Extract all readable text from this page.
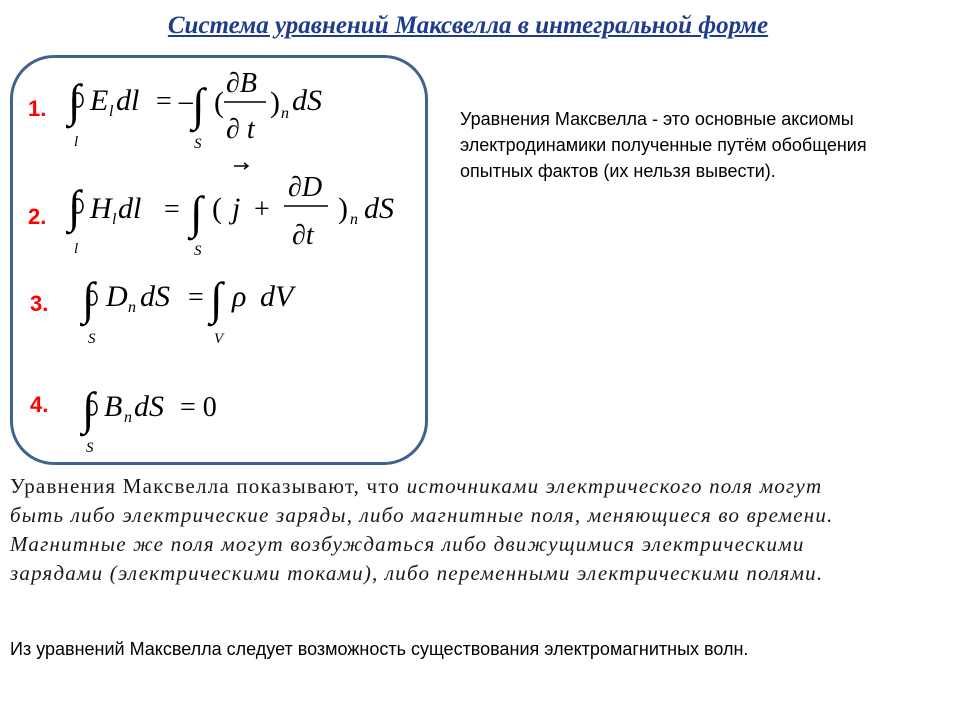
Система уравнений Максвелла в интегральной форме
1. ∫
l
E l dl = – ∫
S
(
∂B
∂ t
) n dS
2. ∫
l
H l dl = ∫
S
( j +
∂D
∂t
) n dS
3. ∫
S
D n dS = ∫
V
ρ dV
4. ∫
S
B n dS = 0
Уравнения Максвелла - это основные аксиомы электродинамики полученные путём обобщения опытных фактов (их нельзя вывести).
Уравнения Максвелла показывают, что источниками электрического поля могут быть либо электрические заряды, либо магнитные поля, меняющиеся во времени. Магнитные же поля могут возбуждаться либо движущимися электрическими зарядами (электрическими токами), либо переменными электрическими полями.
Из уравнений Максвелла следует возможность существования электромагнитных волн.
